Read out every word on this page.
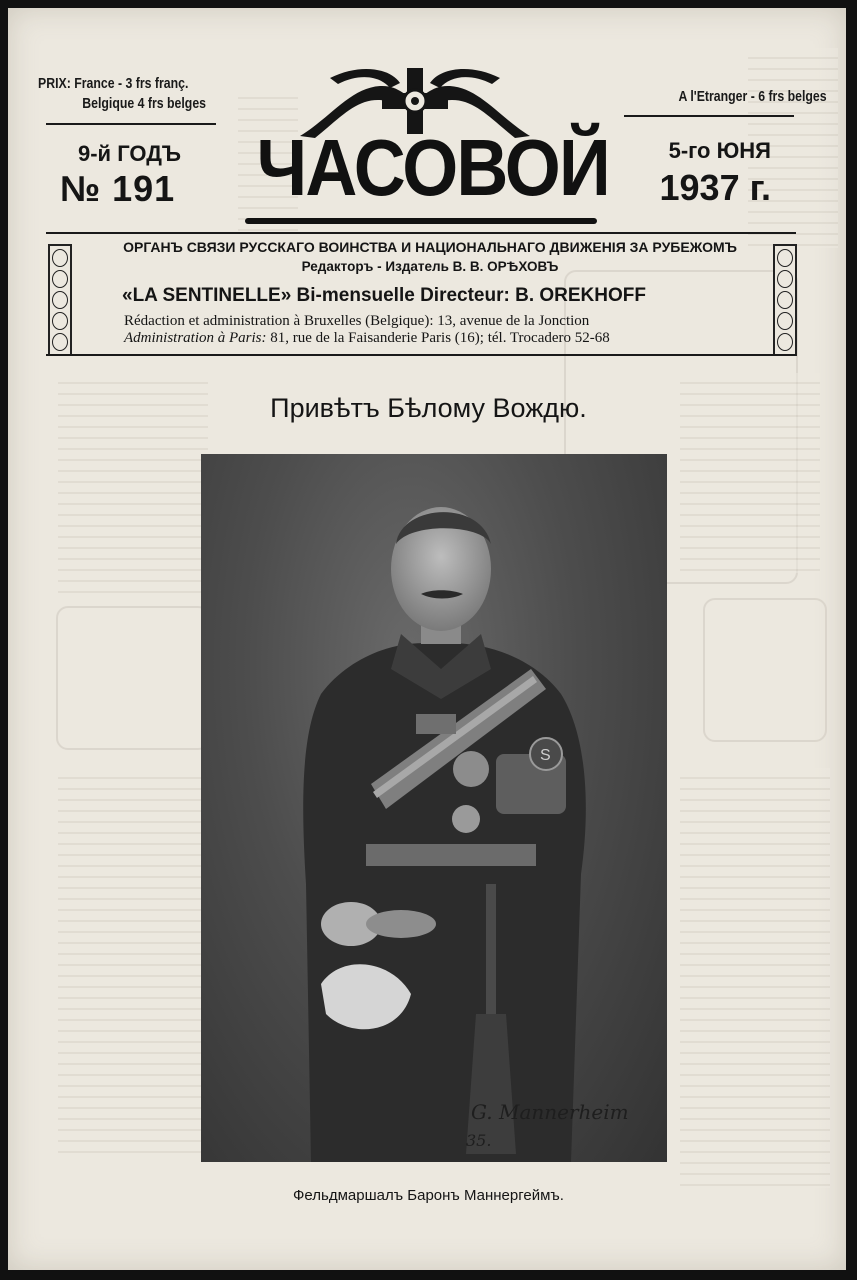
PRIX: France - 3 frs franç.
Belgique 4 frs belges	A l'Etranger - 6 frs belges
9-й ГОДЪ
№ 191
5-го ЮНЯ
1937 г.
ЧАСОВОЙ
ОРГАНЪ СВЯЗИ РУССКАГО ВОИНСТВА И НАЦИОНАЛЬНАГО ДВИЖЕНІЯ ЗА РУБЕЖОМЪ
Редакторъ - Издатель В. В. ОРѢХОВЪ
«LA SENTINELLE» Bi-mensuelle Directeur: B. OREKHOFF
Rédaction et administration à Bruxelles (Belgique): 13, avenue de la Jonction
Administration à Paris: 81, rue de la Faisanderie Paris (16); tél. Trocadero 52-68
Привѣтъ Бѣлому Вождю.
S
G. Mannerheim
35.
Фельдмаршалъ Баронъ Маннергеймъ.
